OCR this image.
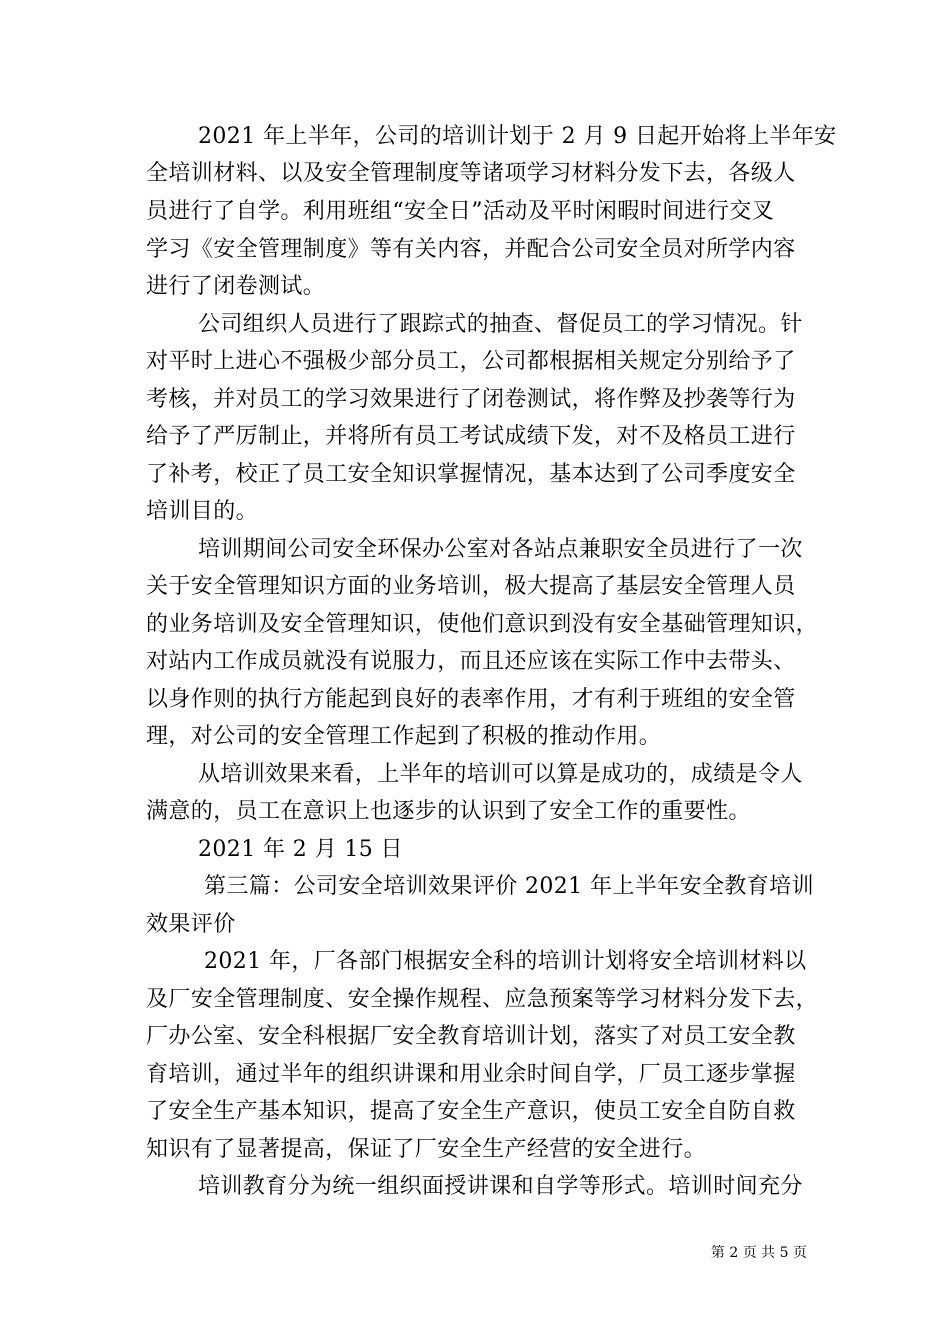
2021 年上半年，公司的培训计划于 2 月 9 日起开始将上半年安
全培训材料、以及安全管理制度等诸项学习材料分发下去，各级人
员进行了自学。利用班组“安全日”活动及平时闲暇时间进行交叉
学习《安全管理制度》等有关内容，并配合公司安全员对所学内容
进行了闭卷测试。
公司组织人员进行了跟踪式的抽查、督促员工的学习情况。针
对平时上进心不强极少部分员工，公司都根据相关规定分别给予了
考核，并对员工的学习效果进行了闭卷测试，将作弊及抄袭等行为
给予了严厉制止，并将所有员工考试成绩下发，对不及格员工进行
了补考，校正了员工安全知识掌握情况，基本达到了公司季度安全
培训目的。
培训期间公司安全环保办公室对各站点兼职安全员进行了一次
关于安全管理知识方面的业务培训，极大提高了基层安全管理人员
的业务培训及安全管理知识，使他们意识到没有安全基础管理知识，
对站内工作成员就没有说服力，而且还应该在实际工作中去带头、
以身作则的执行方能起到良好的表率作用，才有利于班组的安全管
理，对公司的安全管理工作起到了积极的推动作用。
从培训效果来看，上半年的培训可以算是成功的，成绩是令人
满意的，员工在意识上也逐步的认识到了安全工作的重要性。
2021 年 2 月 15 日
第三篇：公司安全培训效果评价 2021 年上半年安全教育培训
效果评价
2021 年，厂各部门根据安全科的培训计划将安全培训材料以
及厂安全管理制度、安全操作规程、应急预案等学习材料分发下去，
厂办公室、安全科根据厂安全教育培训计划，落实了对员工安全教
育培训，通过半年的组织讲课和用业余时间自学，厂员工逐步掌握
了安全生产基本知识，提高了安全生产意识，使员工安全自防自救
知识有了显著提高，保证了厂安全生产经营的安全进行。
培训教育分为统一组织面授讲课和自学等形式。培训时间充分
第 2 页 共 5 页
